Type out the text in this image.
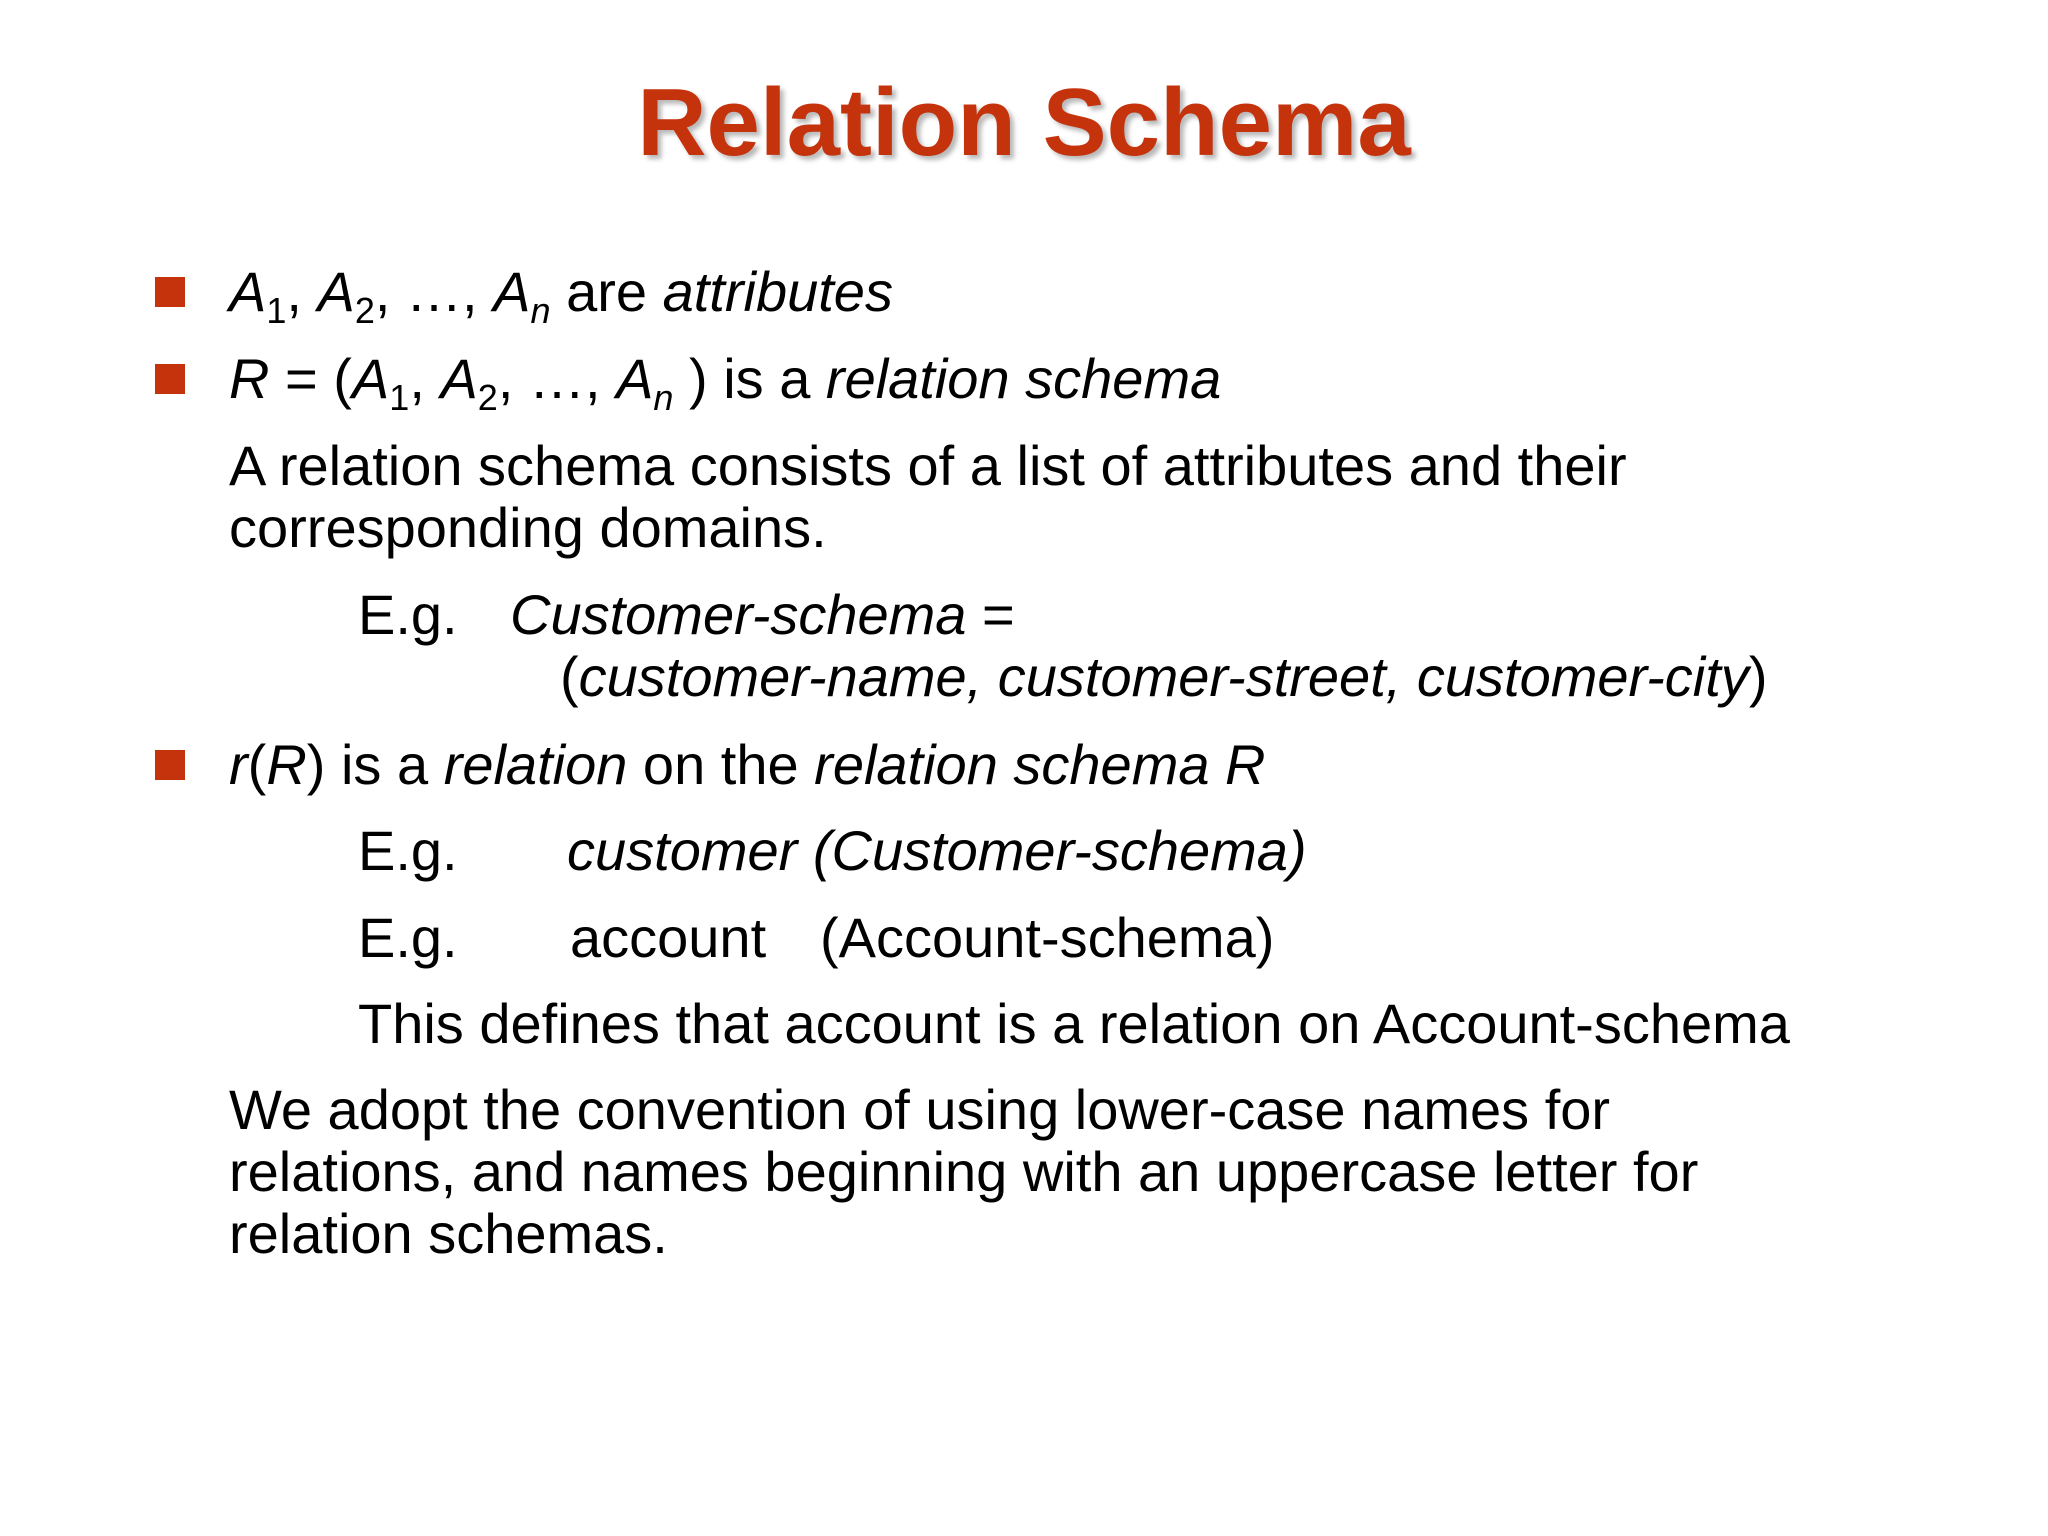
Relation Schema
$A_1$, $A_2$, …, $A_n$ are attributes
$R = (A_1$, $A_2$, …, $A_n$ ) is a relation schema
A relation schema consists of a list of attributes and their
corresponding domains.
E.g. Customer-schema =
(customer-name, customer-street, customer-city)
r(R) is a relation on the relation schema R
E.g. customer (Customer-schema)
E.g. account (Account-schema)
This defines that account is a relation on Account-schema
We adopt the convention of using lower-case names for
relations, and names beginning with an uppercase letter for
relation schemas.
